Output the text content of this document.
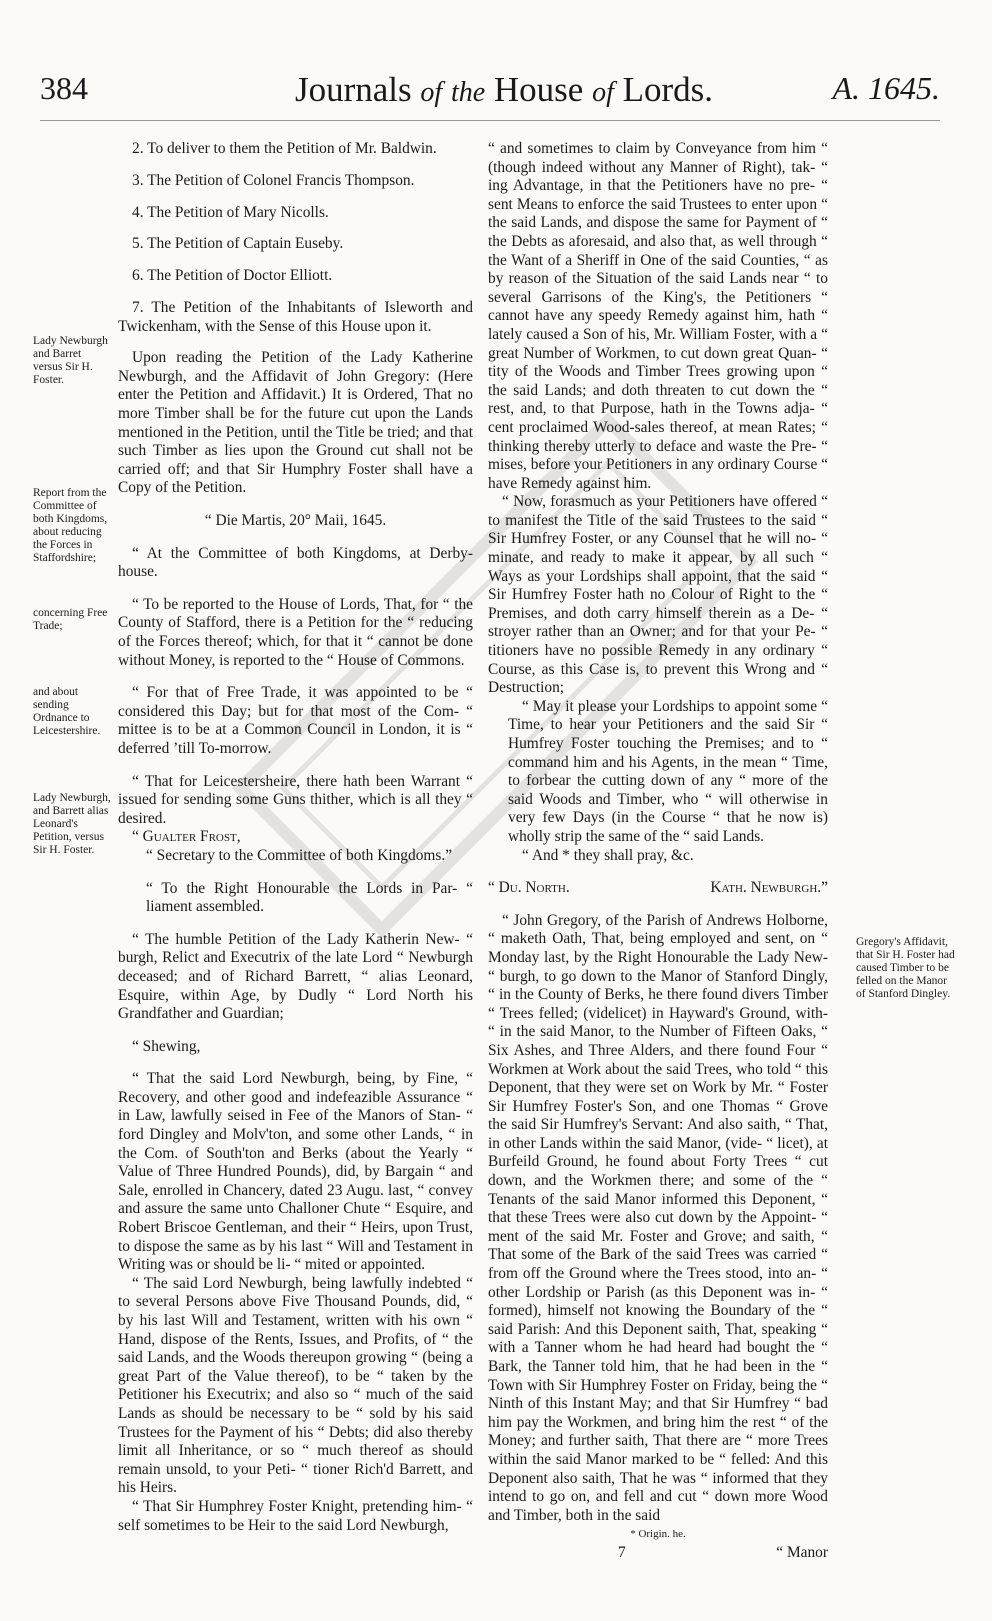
384	Journals of the House of Lords.	A. 1645.
Lady Newburgh and Barret versus Sir H. Foster.
Report from the Committee of both Kingdoms, about reducing the Forces in Staffordshire;
concerning Free Trade;
and about sending Ordnance to Leicestershire.
Lady Newburgh, and Barrett alias Leonard's Petition, versus Sir H. Foster.
Gregory's Affidavit, that Sir H. Foster had caused Timber to be felled on the Manor of Stanford Dingley.

2. To deliver to them the Petition of Mr. Baldwin.

3. The Petition of Colonel Francis Thompson.

4. The Petition of Mary Nicolls.

5. The Petition of Captain Euseby.

6. The Petition of Doctor Elliott.

7. The Petition of the Inhabitants of Isleworth and Twickenham, with the Sense of this House upon it.

Upon reading the Petition of the Lady Katherine Newburgh, and the Affidavit of John Gregory: (Here enter the Petition and Affidavit.) It is Ordered, That no more Timber shall be for the future cut upon the Lands mentioned in the Petition, until the Title be tried; and that such Timber as lies upon the Ground cut shall not be carried off; and that Sir Humphry Foster shall have a Copy of the Petition.

“ Die Martis, 20° Maii, 1645.

“ At the Committee of both Kingdoms, at Derby-house.

“ To be reported to the House of Lords, That, for “ the County of Stafford, there is a Petition for the “ reducing of the Forces thereof; which, for that it “ cannot be done without Money, is reported to the “ House of Commons.

“ For that of Free Trade, it was appointed to be “ considered this Day; but for that most of the Com- “ mittee is to be at a Common Council in London, it is “ deferred ’till To-morrow.

“ That for Leicestersheire, there hath been Warrant “ issued for sending some Guns thither, which is all they “ desired.

“ Gualter Frost,

“ Secretary to the Committee of both Kingdoms.”

“ To the Right Honourable the Lords in Par- “ liament assembled.

“ The humble Petition of the Lady Katherin New- “ burgh, Relict and Executrix of the late Lord “ Newburgh deceased; and of Richard Barrett, “ alias Leonard, Esquire, within Age, by Dudly “ Lord North his Grandfather and Guardian;

“ Shewing,

“ That the said Lord Newburgh, being, by Fine, “ Recovery, and other good and indefeazible Assurance “ in Law, lawfully seised in Fee of the Manors of Stan- “ ford Dingley and Molv'ton, and some other Lands, “ in the Com. of South'ton and Berks (about the Yearly “ Value of Three Hundred Pounds), did, by Bargain “ and Sale, enrolled in Chancery, dated 23 Augu. last, “ convey and assure the same unto Challoner Chute “ Esquire, and Robert Briscoe Gentleman, and their “ Heirs, upon Trust, to dispose the same as by his last “ Will and Testament in Writing was or should be li- “ mited or appointed.

“ The said Lord Newburgh, being lawfully indebted “ to several Persons above Five Thousand Pounds, did, “ by his last Will and Testament, written with his own “ Hand, dispose of the Rents, Issues, and Profits, of “ the said Lands, and the Woods thereupon growing “ (being a great Part of the Value thereof), to be “ taken by the Petitioner his Executrix; and also so “ much of the said Lands as should be necessary to be “ sold by his said Trustees for the Payment of his “ Debts; did also thereby limit all Inheritance, or so “ much thereof as should remain unsold, to your Peti- “ tioner Rich'd Barrett, and his Heirs.

“ That Sir Humphrey Foster Knight, pretending him- “ self sometimes to be Heir to the said Lord Newburgh,

“ and sometimes to claim by Conveyance from him “ (though indeed without any Manner of Right), tak- “ ing Advantage, in that the Petitioners have no pre- “ sent Means to enforce the said Trustees to enter upon “ the said Lands, and dispose the same for Payment of “ the Debts as aforesaid, and also that, as well through “ the Want of a Sheriff in One of the said Counties, “ as by reason of the Situation of the said Lands near “ to several Garrisons of the King's, the Petitioners “ cannot have any speedy Remedy against him, hath “ lately caused a Son of his, Mr. William Foster, with a “ great Number of Workmen, to cut down great Quan- “ tity of the Woods and Timber Trees growing upon “ the said Lands; and doth threaten to cut down the “ rest, and, to that Purpose, hath in the Towns adja- “ cent proclaimed Wood-sales thereof, at mean Rates; “ thinking thereby utterly to deface and waste the Pre- “ mises, before your Petitioners in any ordinary Course “ have Remedy against him.

“ Now, forasmuch as your Petitioners have offered “ to manifest the Title of the said Trustees to the said “ Sir Humfrey Foster, or any Counsel that he will no- “ minate, and ready to make it appear, by all such “ Ways as your Lordships shall appoint, that the said “ Sir Humfrey Foster hath no Colour of Right to the “ Premises, and doth carry himself therein as a De- “ stroyer rather than an Owner; and for that your Pe- “ titioners have no possible Remedy in any ordinary “ Course, as this Case is, to prevent this Wrong and “ Destruction;

“ May it please your Lordships to appoint some “ Time, to hear your Petitioners and the said Sir “ Humfrey Foster touching the Premises; and to “ command him and his Agents, in the mean “ Time, to forbear the cutting down of any “ more of the said Woods and Timber, who “ will otherwise in very few Days (in the Course “ that he now is) wholly strip the same of the “ said Lands.

“ And * they shall pray, &c.

“ Du. North.	Kath. Newburgh.”

“ John Gregory, of the Parish of Andrews Holborne, “ maketh Oath, That, being employed and sent, on “ Monday last, by the Right Honourable the Lady New- “ burgh, to go down to the Manor of Stanford Dingly, “ in the County of Berks, he there found divers Timber “ Trees felled; (videlicet) in Hayward's Ground, with- “ in the said Manor, to the Number of Fifteen Oaks, “ Six Ashes, and Three Alders, and there found Four “ Workmen at Work about the said Trees, who told “ this Deponent, that they were set on Work by Mr. “ Foster Sir Humfrey Foster's Son, and one Thomas “ Grove the said Sir Humfrey's Servant: And also saith, “ That, in other Lands within the said Manor, (vide- “ licet), at Burfeild Ground, he found about Forty Trees “ cut down, and the Workmen there; and some of the “ Tenants of the said Manor informed this Deponent, “ that these Trees were also cut down by the Appoint- “ ment of the said Mr. Foster and Grove; and saith, “ That some of the Bark of the said Trees was carried “ from off the Ground where the Trees stood, into an- “ other Lordship or Parish (as this Deponent was in- “ formed), himself not knowing the Boundary of the “ said Parish: And this Deponent saith, That, speaking “ with a Tanner whom he had heard had bought the “ Bark, the Tanner told him, that he had been in the “ Town with Sir Humphrey Foster on Friday, being the “ Ninth of this Instant May; and that Sir Humfrey “ bad him pay the Workmen, and bring him the rest “ of the Money; and further saith, That there are “ more Trees within the said Manor marked to be “ felled: And this Deponent also saith, That he was “ informed that they intend to go on, and fell and cut “ down more Wood and Timber, both in the said

* Origin. he.

7	“ Manor
